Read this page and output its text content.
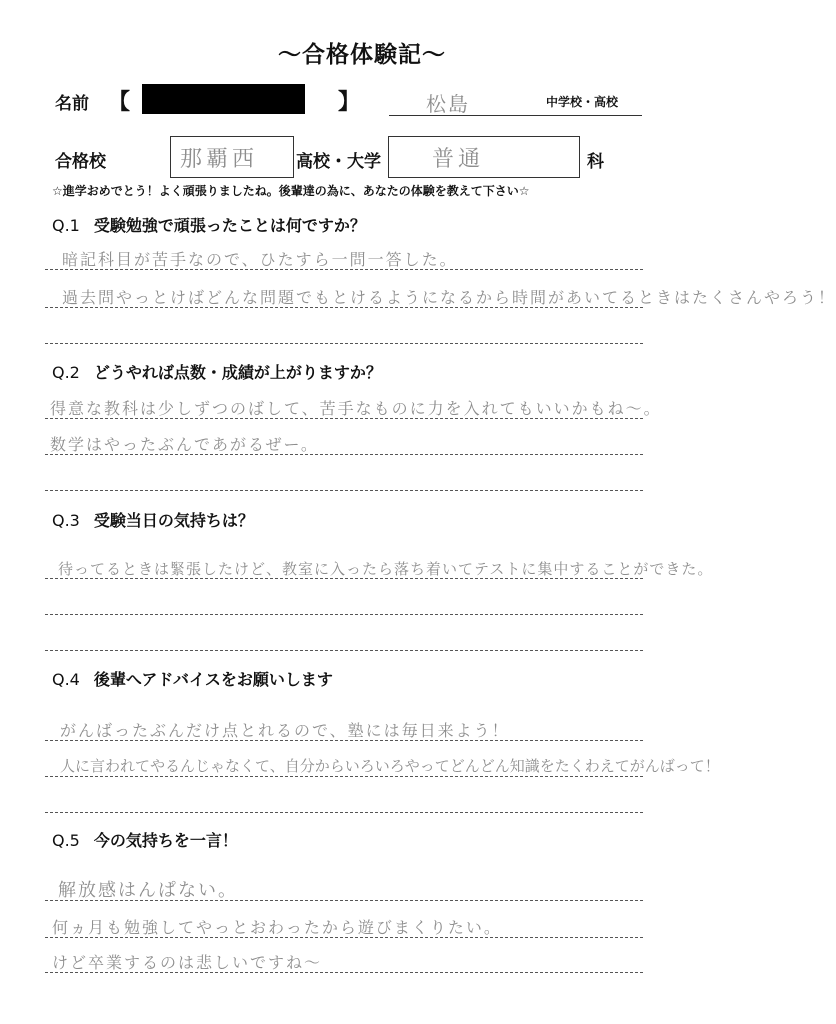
～合格体験記～
名前 【	】	松島	中学校・高校
合格校	那覇西 高校・大学 普通	科
☆進学おめでとう！よく頑張りましたね。後輩達の為に、あなたの体験を教えて下さい☆
Q.1 受験勉強で頑張ったことは何ですか？
暗記科目が苦手なので、ひたすら一問一答した。
過去問やっとけばどんな問題でもとけるようになるから時間があいてるときはたくさんやろう！
Q.2 どうやれば点数・成績が上がりますか？
得意な教科は少しずつのばして、苦手なものに力を入れてもいいかもね〜。
数学はやったぶんであがるぜー。
Q.3 受験当日の気持ちは？
待ってるときは緊張したけど、教室に入ったら落ち着いてテストに集中することができた。
Q.4 後輩へアドバイスをお願いします
がんばったぶんだけ点とれるので、塾には毎日来よう！
人に言われてやるんじゃなくて、自分からいろいろやってどんどん知識をたくわえてがんばって！
Q.5 今の気持ちを一言！
解放感はんぱない。
何ヵ月も勉強してやっとおわったから遊びまくりたい。
けど卒業するのは悲しいですね〜
